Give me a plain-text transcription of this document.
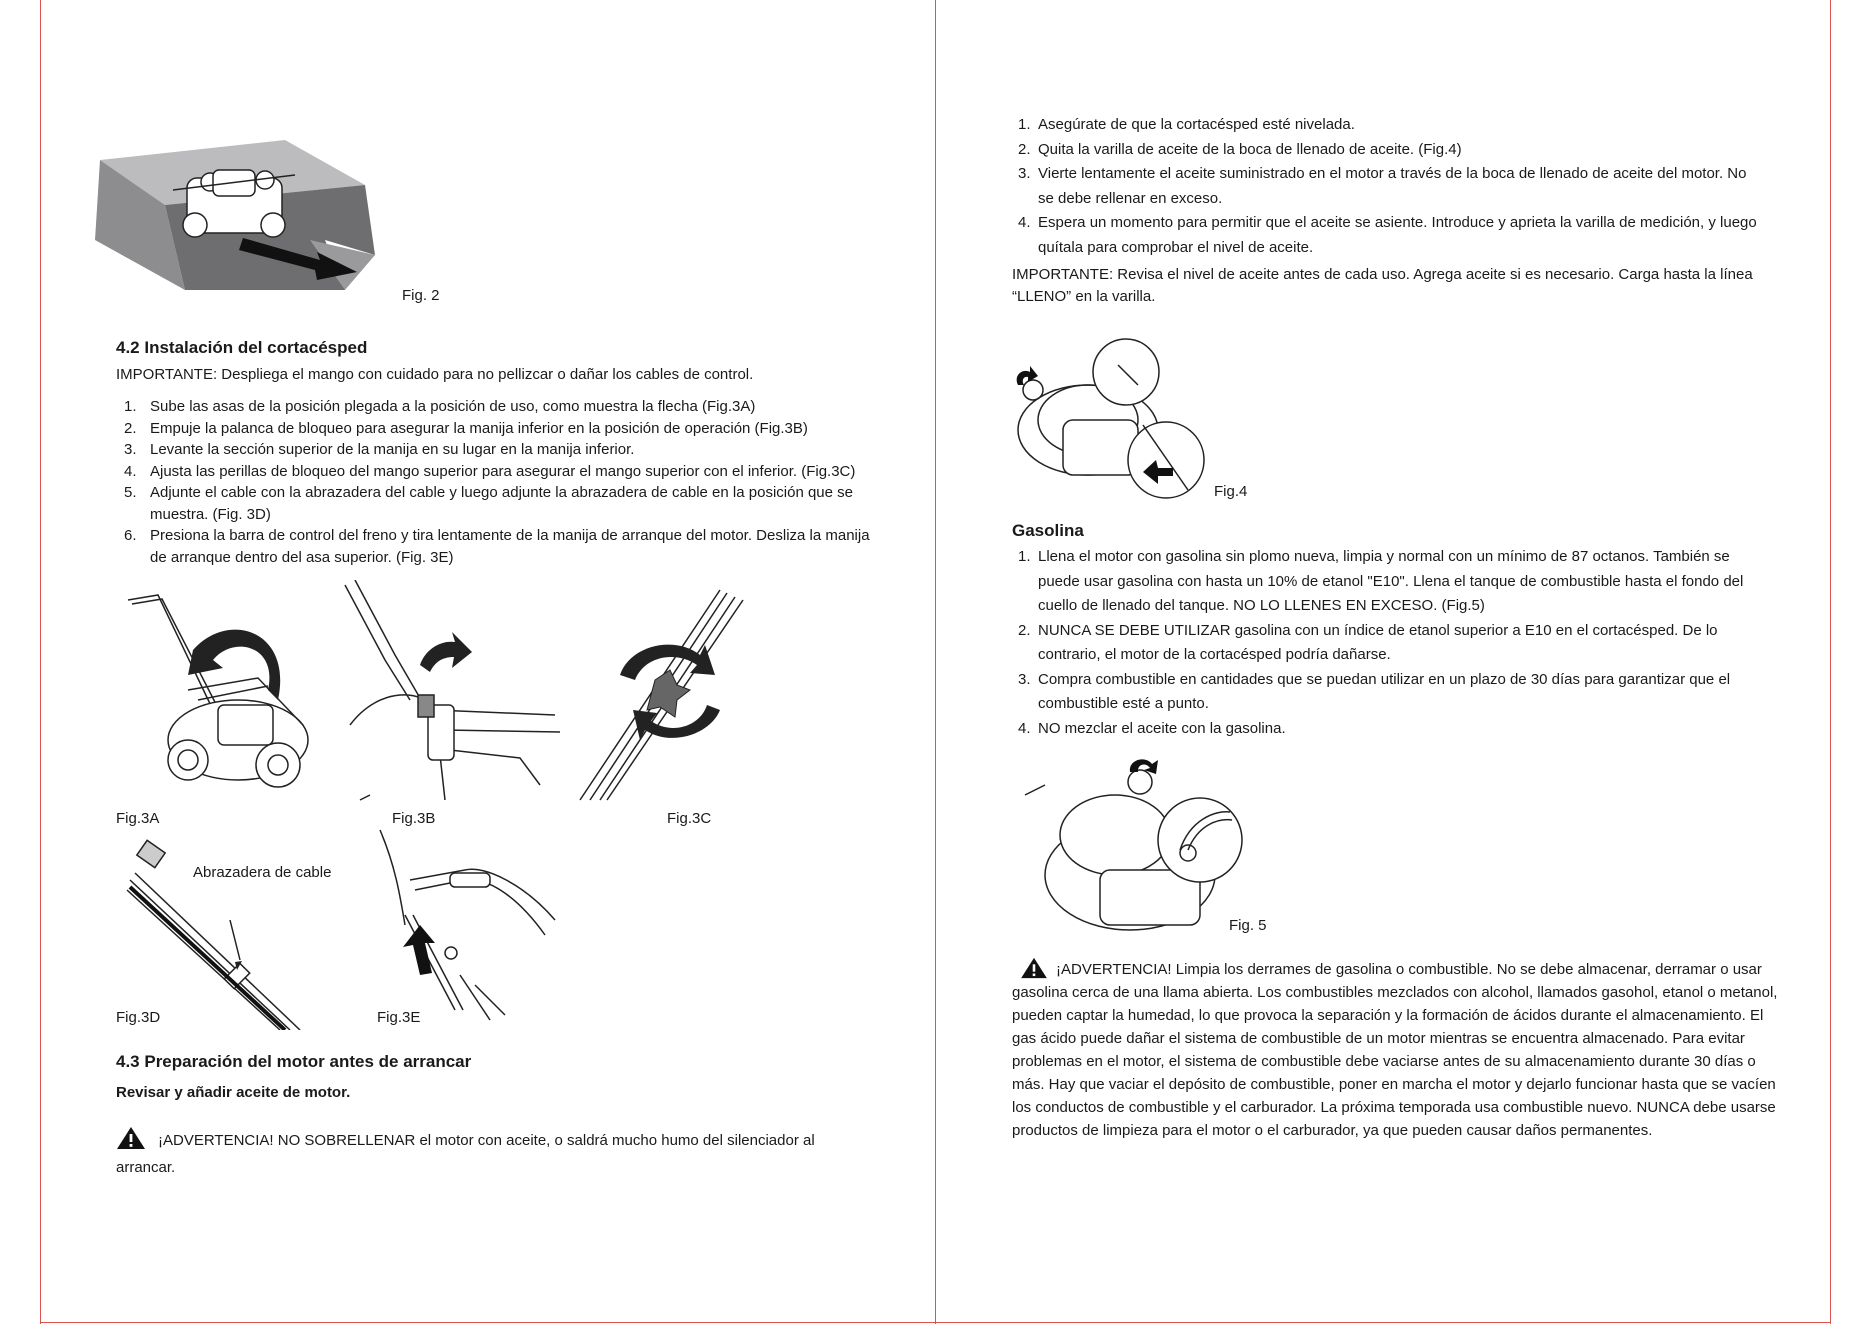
Fig. 2
4.2 Instalación del cortacésped
IMPORTANTE: Despliega el mango con cuidado para no pellizcar o dañar los cables de control.
1. Sube las asas de la posición plegada a la posición de uso, como muestra la flecha (Fig.3A)
2. Empuje la palanca de bloqueo para asegurar la manija inferior en la posición de operación (Fig.3B)
3. Levante la sección superior de la manija en su lugar en la manija inferior.
4. Ajusta las perillas de bloqueo del mango superior para asegurar el mango superior con el inferior. (Fig.3C)
5. Adjunte el cable con la abrazadera del cable y luego adjunte la abrazadera de cable en la posición que se muestra. (Fig. 3D)
6. Presiona la barra de control del freno y tira lentamente de la manija de arranque del motor. Desliza la manija de arranque dentro del asa superior. (Fig. 3E)
Fig.3A	Fig.3B	Fig.3C
Abrazadera de cable
Fig.3D	Fig.3E
4.3 Preparación del motor antes de arrancar
Revisar y añadir aceite de motor.
¡ADVERTENCIA! NO SOBRELLENAR el motor con aceite, o saldrá mucho humo del silenciador al arrancar.
1. Asegúrate de que la cortacésped esté nivelada.
2. Quita la varilla de aceite de la boca de llenado de aceite. (Fig.4)
3. Vierte lentamente el aceite suministrado en el motor a través de la boca de llenado de aceite del motor. No se debe rellenar en exceso.
4. Espera un momento para permitir que el aceite se asiente. Introduce y aprieta la varilla de medición, y luego quítala para comprobar el nivel de aceite.
IMPORTANTE: Revisa el nivel de aceite antes de cada uso. Agrega aceite si es necesario. Carga hasta la línea “LLENO” en la varilla.
Fig.4
Gasolina
1. Llena el motor con gasolina sin plomo nueva, limpia y normal con un mínimo de 87 octanos. También se puede usar gasolina con hasta un 10% de etanol "E10". Llena el tanque de combustible hasta el fondo del cuello de llenado del tanque. NO LO LLENES EN EXCESO. (Fig.5)
2. NUNCA SE DEBE UTILIZAR gasolina con un índice de etanol superior a E10 en el cortacésped. De lo contrario, el motor de la cortacésped podría dañarse.
3. Compra combustible en cantidades que se puedan utilizar en un plazo de 30 días para garantizar que el combustible esté a punto.
4. NO mezclar el aceite con la gasolina.
Fig. 5
¡ADVERTENCIA! Limpia los derrames de gasolina o combustible. No se debe almacenar, derramar o usar gasolina cerca de una llama abierta. Los combustibles mezclados con alcohol, llamados gasohol, etanol o metanol, pueden captar la humedad, lo que provoca la separación y la formación de ácidos durante el almacenamiento. El gas ácido puede dañar el sistema de combustible de un motor mientras se encuentra almacenado. Para evitar problemas en el motor, el sistema de combustible debe vaciarse antes de su almacenamiento durante 30 días o más. Hay que vaciar el depósito de combustible, poner en marcha el motor y dejarlo funcionar hasta que se vacíen los conductos de combustible y el carburador. La próxima temporada usa combustible nuevo. NUNCA debe usarse productos de limpieza para el motor o el carburador, ya que pueden causar daños permanentes.
